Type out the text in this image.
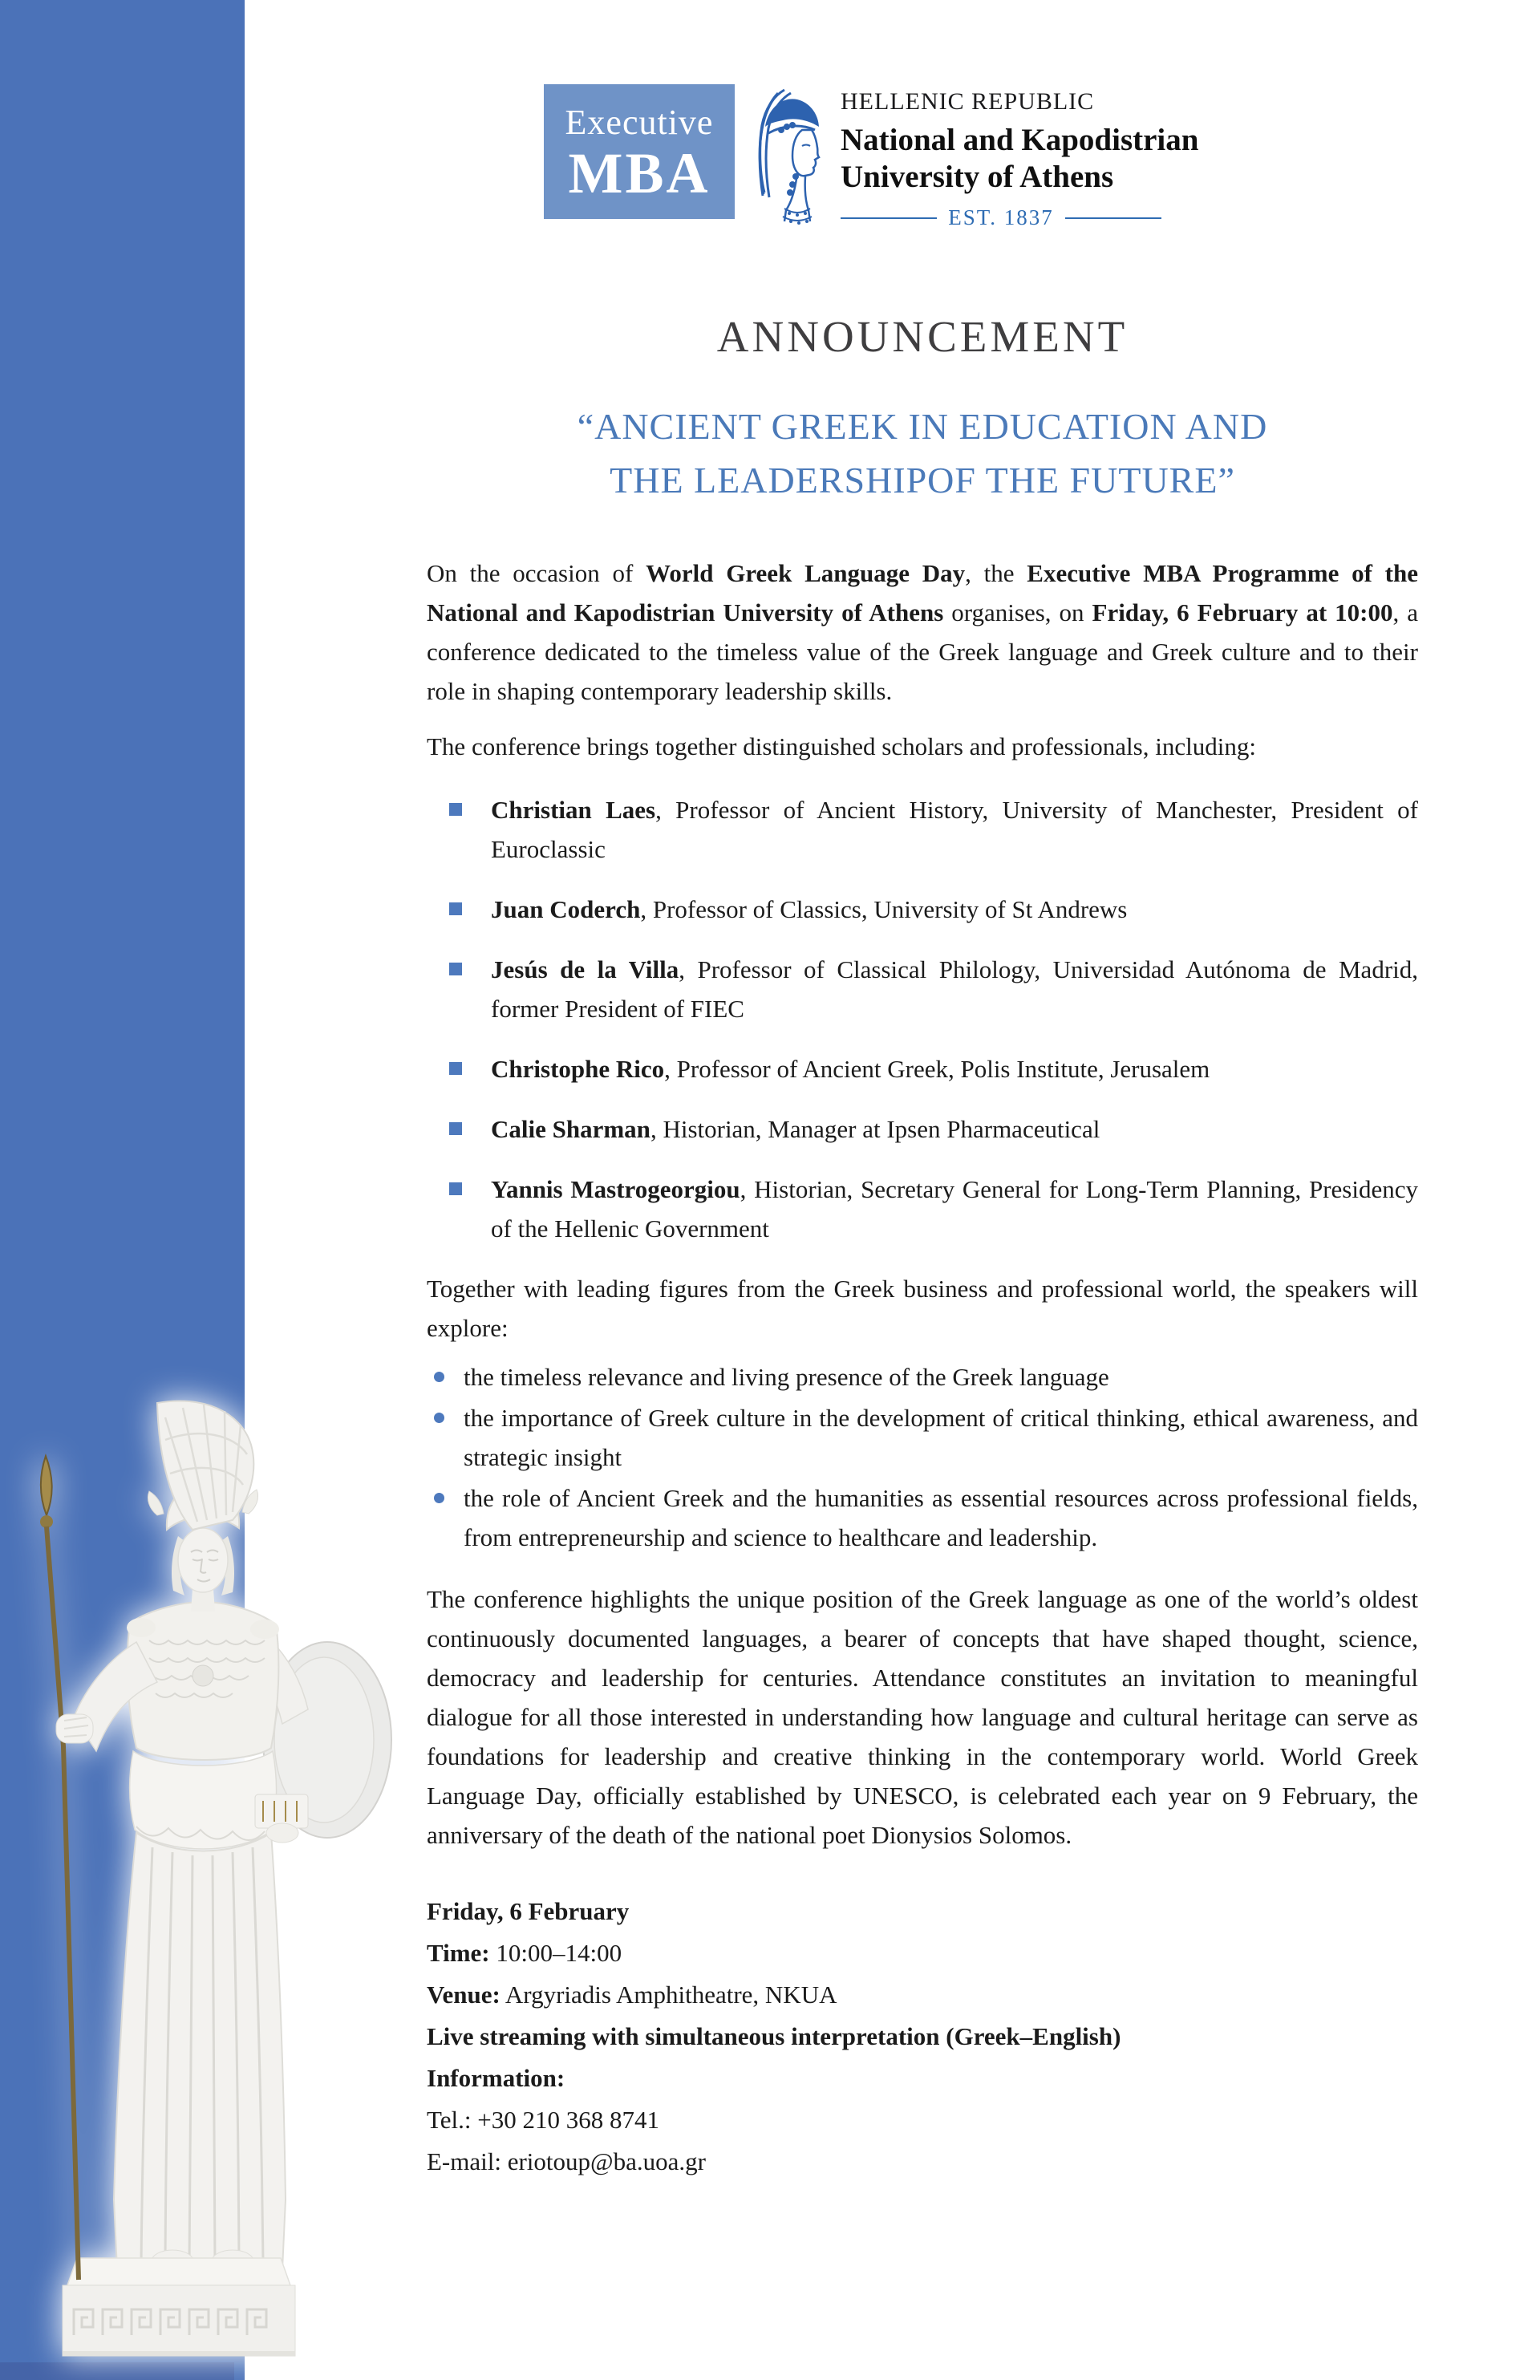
Executive
MBA
HELLENIC REPUBLIC
National and Kapodistrian
University of Athens
EST. 1837
ANNOUNCEMENT
“ANCIENT GREEK IN EDUCATION AND
THE LEADERSHIPOF THE FUTURE”

On the occasion of World Greek Language Day, the Executive MBA Programme of the National and Kapodistrian University of Athens organises, on Friday, 6 February at 10:00, a conference dedicated to the timeless value of the Greek language and Greek culture and to their role in shaping contemporary leadership skills.

The conference brings together distinguished scholars and professionals, including:

Christian Laes, Professor of Ancient History, University of Manchester, President of Euroclassic
Juan Coderch, Professor of Classics, University of St Andrews
Jesús de la Villa, Professor of Classical Philology, Universidad Autónoma de Madrid, former President of FIEC
Christophe Rico, Professor of Ancient Greek, Polis Institute, Jerusalem
Calie Sharman, Historian, Manager at Ipsen Pharmaceutical
Yannis Mastrogeorgiou, Historian, Secretary General for Long-Term Planning, Presidency of the Hellenic Government

Together with leading figures from the Greek business and professional world, the speakers will explore:

the timeless relevance and living presence of the Greek language
the importance of Greek culture in the development of critical thinking, ethical awareness, and strategic insight
the role of Ancient Greek and the humanities as essential resources across professional fields, from entrepreneurship and science to healthcare and leadership.

The conference highlights the unique position of the Greek language as one of the world’s oldest continuously documented languages, a bearer of concepts that have shaped thought, science, democracy and leadership for centuries. Attendance constitutes an invitation to meaningful dialogue for all those interested in understanding how language and cultural heritage can serve as foundations for leadership and creative thinking in the contemporary world. World Greek Language Day, officially established by UNESCO, is celebrated each year on 9 February, the anniversary of the death of the national poet Dionysios Solomos.

Friday, 6 February
Time: 10:00–14:00
Venue: Argyriadis Amphitheatre, NKUA
Live streaming with simultaneous interpretation (Greek–English)
Information:
Tel.: +30 210 368 8741
E-mail: eriotoup@ba.uoa.gr
